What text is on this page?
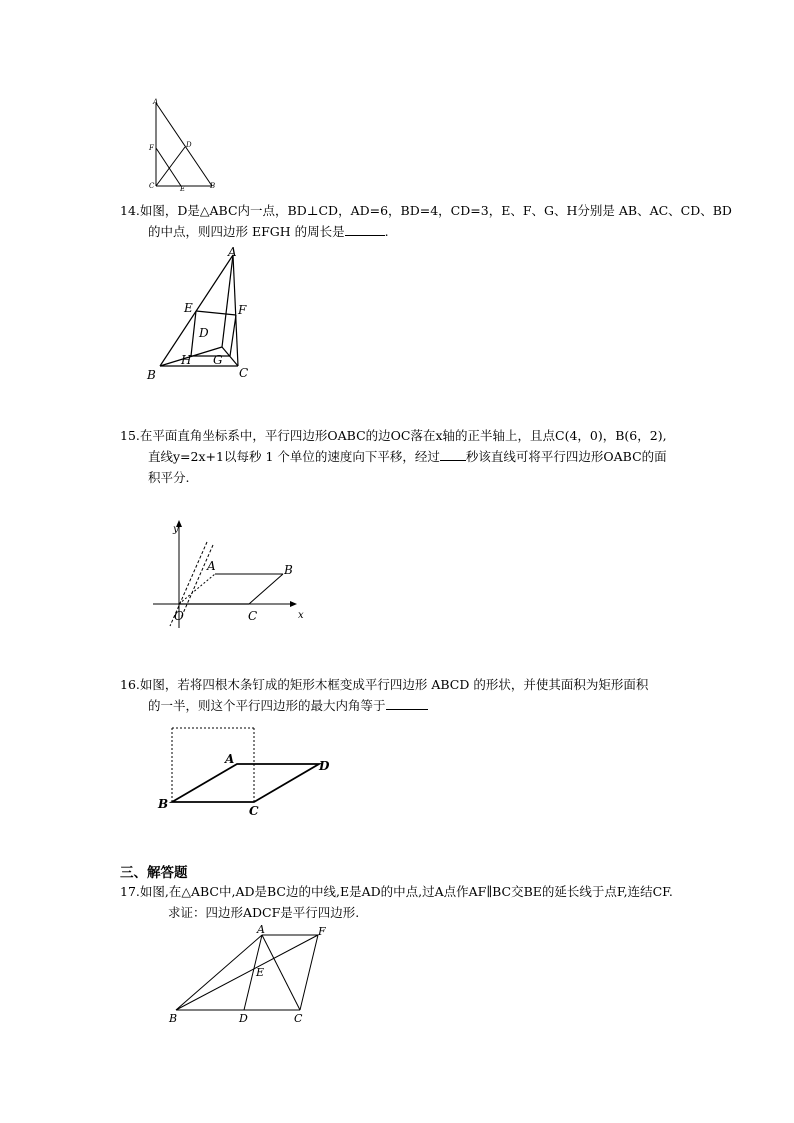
A
F	D
C	E	B
14.如图，D是△ABC内一点，BD⊥CD，AD=6，BD=4，CD=3，E、F、G、H分别是 AB、AC、CD、BD
的中点，则四边形 EFGH 的周长是	.
A
E	F
D
H G
B	C
15.在平面直角坐标系中，平行四边形OABC的边OC落在x轴的正半轴上，且点C(4，0)，B(6，2),
直线y=2x+1以每秒 1 个单位的速度向下平移，经过 秒该直线可将平行四边形OABC的面
积平分.
y
x
O
A	B
C
16.如图，若将四根木条钉成的矩形木框变成平行四边形 ABCD 的形状，并使其面积为矩形面积
的一半，则这个平行四边形的最大内角等于
A
B	C
D
三、解答题
17.如图,在△ABC中,AD是BC边的中线,E是AD的中点,过A点作AF∥BC交BE的延长线于点F,连结CF.
求证：四边形ADCF是平行四边形.
A	F
E
B	D	C
